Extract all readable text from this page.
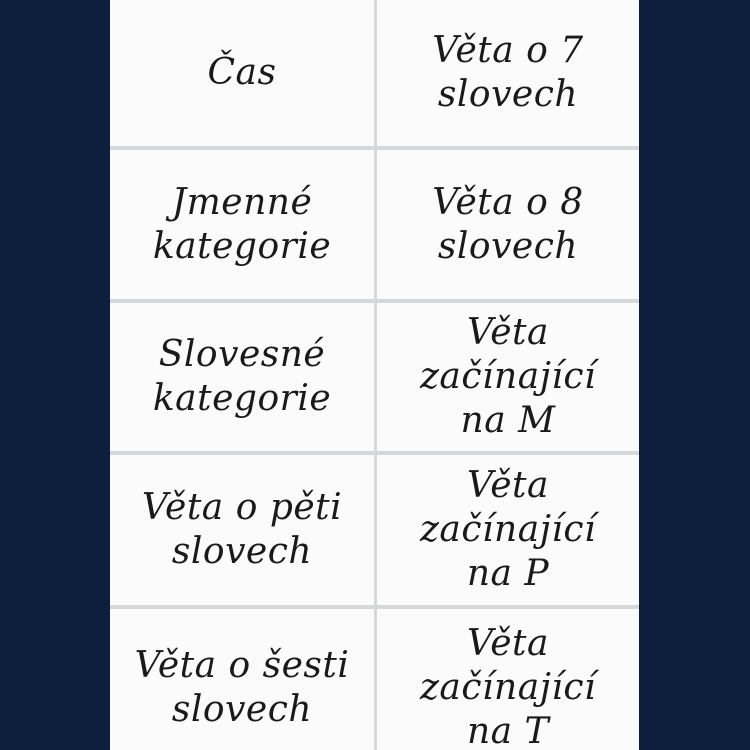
Čas
Věta o 7
slovech
Jmenné
kategorie
Věta o 8
slovech
Slovesné
kategorie
Věta
začínající
na M
Věta o pěti
slovech
Věta
začínající
na P
Věta o šesti
slovech
Věta
začínající
na T
